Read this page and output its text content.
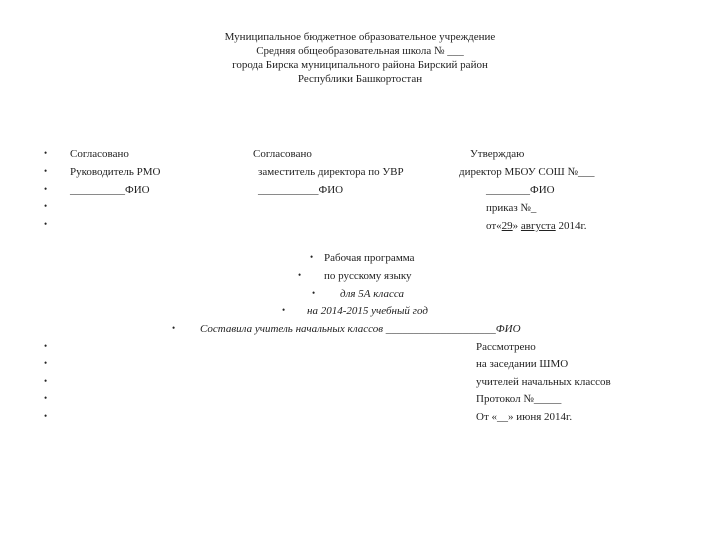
Муниципальное бюджетное образовательное учреждение
Средняя общеобразовательная школа № ___
города Бирска муниципального района Бирский район
Республики Башкортостан
•
•
•
•
•
Согласовано
Руководитель РМО
__________ФИО
Согласовано
заместитель директора по УВР
___________ФИО
Утверждаю
директор МБОУ СОШ №___
________ФИО
приказ №_
от«29» августа 2014г.
• Рабочая программа
• по русскому языку
• для 5А класса
• на 2014-2015 учебный год
• Составила учитель начальных классов ____________________ФИО
•
•
•
•
•
Рассмотрено
на заседании ШМО
учителей начальных классов
Протокол №_____
От «__» июня 2014г.
